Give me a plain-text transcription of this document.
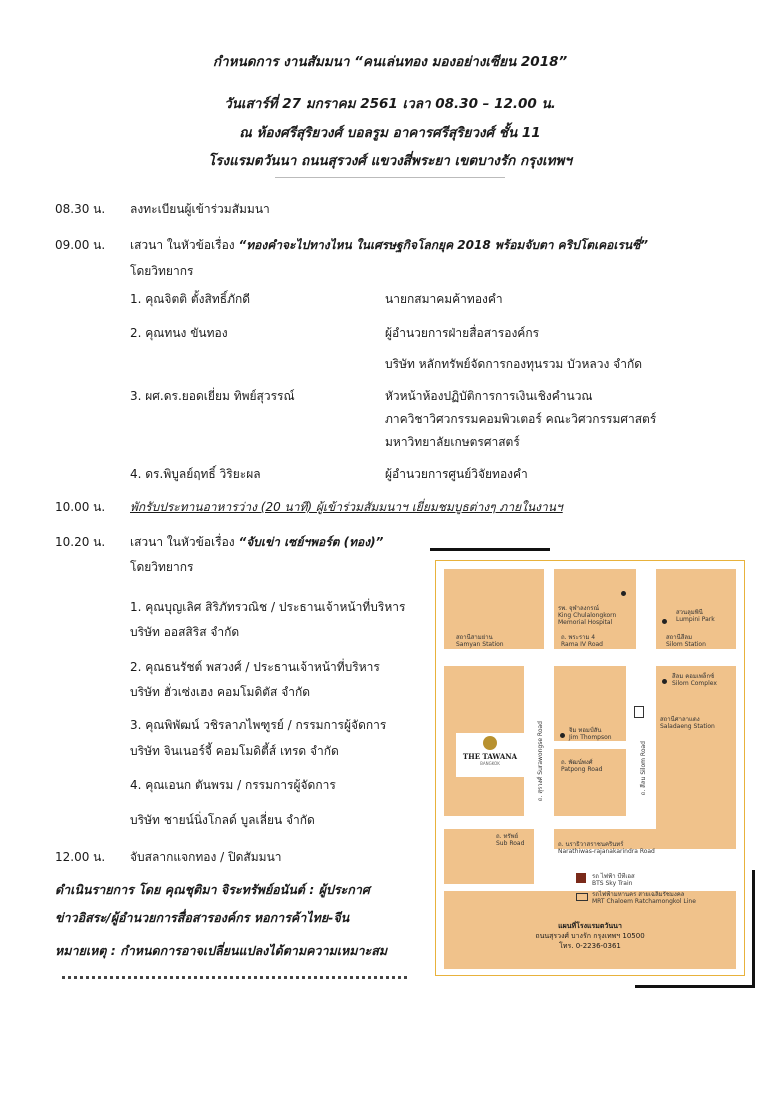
กำหนดการ งานสัมมนา “คนเล่นทอง มองอย่างเซียน 2018”
วันเสาร์ที่ 27 มกราคม 2561 เวลา 08.30 – 12.00 น.
ณ ห้องศรีสุริยวงศ์ บอลรูม อาคารศรีสุริยวงศ์ ชั้น 11
โรงแรมตวันนา ถนนสุรวงศ์ แขวงสี่พระยา เขตบางรัก กรุงเทพฯ
08.30 น. ลงทะเบียนผู้เข้าร่วมสัมมนา
09.00 น. เสวนา ในหัวข้อเรื่อง “ทองคำจะไปทางไหน ในเศรษฐกิจโลกยุค 2018 พร้อมจับตา คริปโตเคอเรนซี่”
โดยวิทยากร
1. คุณจิตติ ตั้งสิทธิ์ภักดี	นายกสมาคมค้าทองคำ
2. คุณทนง ขันทอง	ผู้อำนวยการฝ่ายสื่อสารองค์กร
บริษัท หลักทรัพย์จัดการกองทุนรวม บัวหลวง จำกัด
3. ผศ.ดร.ยอดเยี่ยม ทิพย์สุวรรณ์	หัวหน้าห้องปฏิบัติการการเงินเชิงคำนวณ
ภาควิชาวิศวกรรมคอมพิวเตอร์ คณะวิศวกรรมศาสตร์
มหาวิทยาลัยเกษตรศาสตร์
4. ดร.พิบูลย์ฤทธิ์ วิริยะผล	ผู้อำนวยการศูนย์วิจัยทองคำ
10.00 น. พักรับประทานอาหารว่าง (20 นาที) ผู้เข้าร่วมสัมมนาฯ เยี่ยมชมบูธต่างๆ ภายในงานฯ
10.20 น. เสวนา ในหัวข้อเรื่อง “จับเข่า เซย์ฯพอร์ต (ทอง)”
โดยวิทยากร
1. คุณบุญเลิศ สิริภัทรวณิช / ประธานเจ้าหน้าที่บริหาร
บริษัท ออสสิริส จำกัด
2. คุณธนรัชต์ พสวงศ์ / ประธานเจ้าหน้าที่บริหาร
บริษัท ฮั่วเซ่งเฮง คอมโมดิตัส จำกัด
3. คุณพิพัฒน์ วชิรลาภไพฑูรย์ / กรรมการผู้จัดการ
บริษัท จินเนอร์จี้ คอมโมดิตี้ส์ เทรด จำกัด
4. คุณเอนก ตันพรม / กรรมการผู้จัดการ
บริษัท ชายน์นิ่งโกลด์ บูลเลี่ยน จำกัด
12.00 น. จับสลากแจกทอง / ปิดสัมมนา
ดำเนินรายการ โดย คุณชุติมา จิระทรัพย์อนันต์ : ผู้ประกาศ
ข่าวอิสระ/ผู้อำนวยการสื่อสารองค์กร หอการค้าไทย-จีน
หมายเหตุ : กำหนดการอาจเปลี่ยนแปลงได้ตามความเหมาะสม
รพ. จุฬาลงกรณ์
King Chulalongkorn
Memorial Hospital
สวนลุมพินี
Lumpini Park
สถานีสามย่าน
Samyan Station
ถ. พระราม 4
Rama IV Road
สถานีสีลม
Silom Station
สีลม คอมเพล็กซ์
Silom Complex
สถานีศาลาแดง
Saladaeng Station
จิม ทอมป์สัน
Jim Thompson
ถ. พัฒน์พงศ์
Patpong Road
ถ. สุรวงศ์ Surawongse Road	ถ. สีลม Silom Road
THE TAWANA
BANGKOK
ถ. ทรัพย์
Sub Road	ถ. นราธิวาสราชนครินทร์
Narathiwas-rajanakarindra Road
รถ ไฟฟ้า บีทีเอส
BTS Sky Train
รถไฟฟ้ามหานคร สายเฉลิมรัชมงคล
MRT Chaloem Ratchamongkol Line
แผนที่โรงแรมตวันนา
ถนนสุรวงศ์ บางรัก กรุงเทพฯ 10500
โทร. 0-2236-0361
